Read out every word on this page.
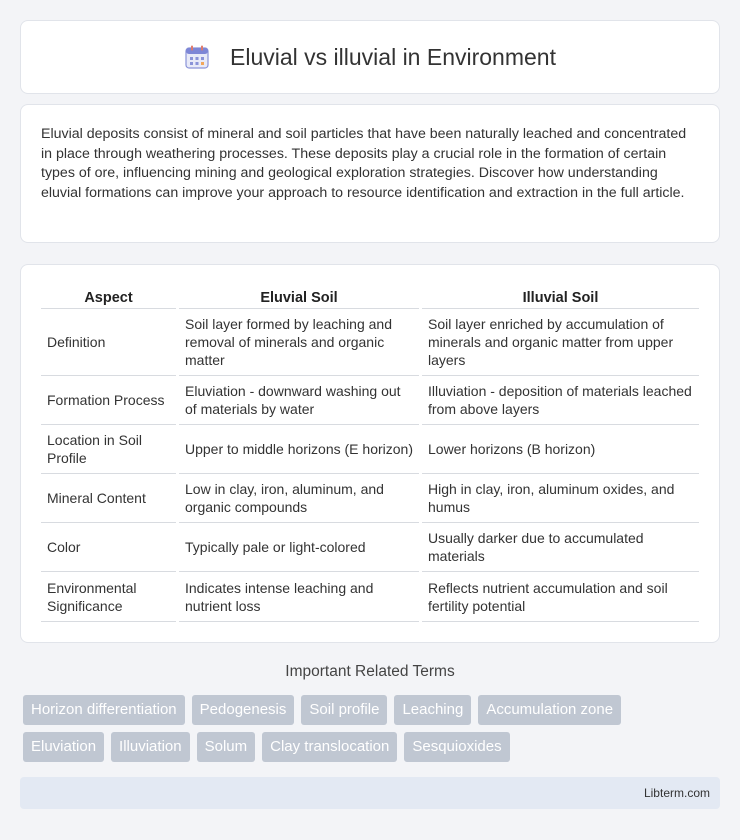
Eluvial vs illuvial in Environment

Eluvial deposits consist of mineral and soil particles that have been naturally leached and concentrated in place through weathering processes. These deposits play a crucial role in the formation of certain types of ore, influencing mining and geological exploration strategies. Discover how understanding eluvial formations can improve your approach to resource identification and extraction in the full article.

Aspect	Eluvial Soil	Illuvial Soil
Definition	Soil layer formed by leaching and removal of minerals and organic matter	Soil layer enriched by accumulation of minerals and organic matter from upper layers
Formation Process	Eluviation - downward washing out of materials by water	Illuviation - deposition of materials leached from above layers
Location in Soil Profile	Upper to middle horizons (E horizon)	Lower horizons (B horizon)
Mineral Content	Low in clay, iron, aluminum, and organic compounds	High in clay, iron, aluminum oxides, and humus
Color	Typically pale or light-colored	Usually darker due to accumulated materials
Environmental Significance	Indicates intense leaching and nutrient loss	Reflects nutrient accumulation and soil fertility potential
Important Related Terms
Horizon differentiation	Pedogenesis	Soil profile	Leaching	Accumulation zone
Eluviation	Illuviation	Solum	Clay translocation	Sesquioxides
Libterm.com
